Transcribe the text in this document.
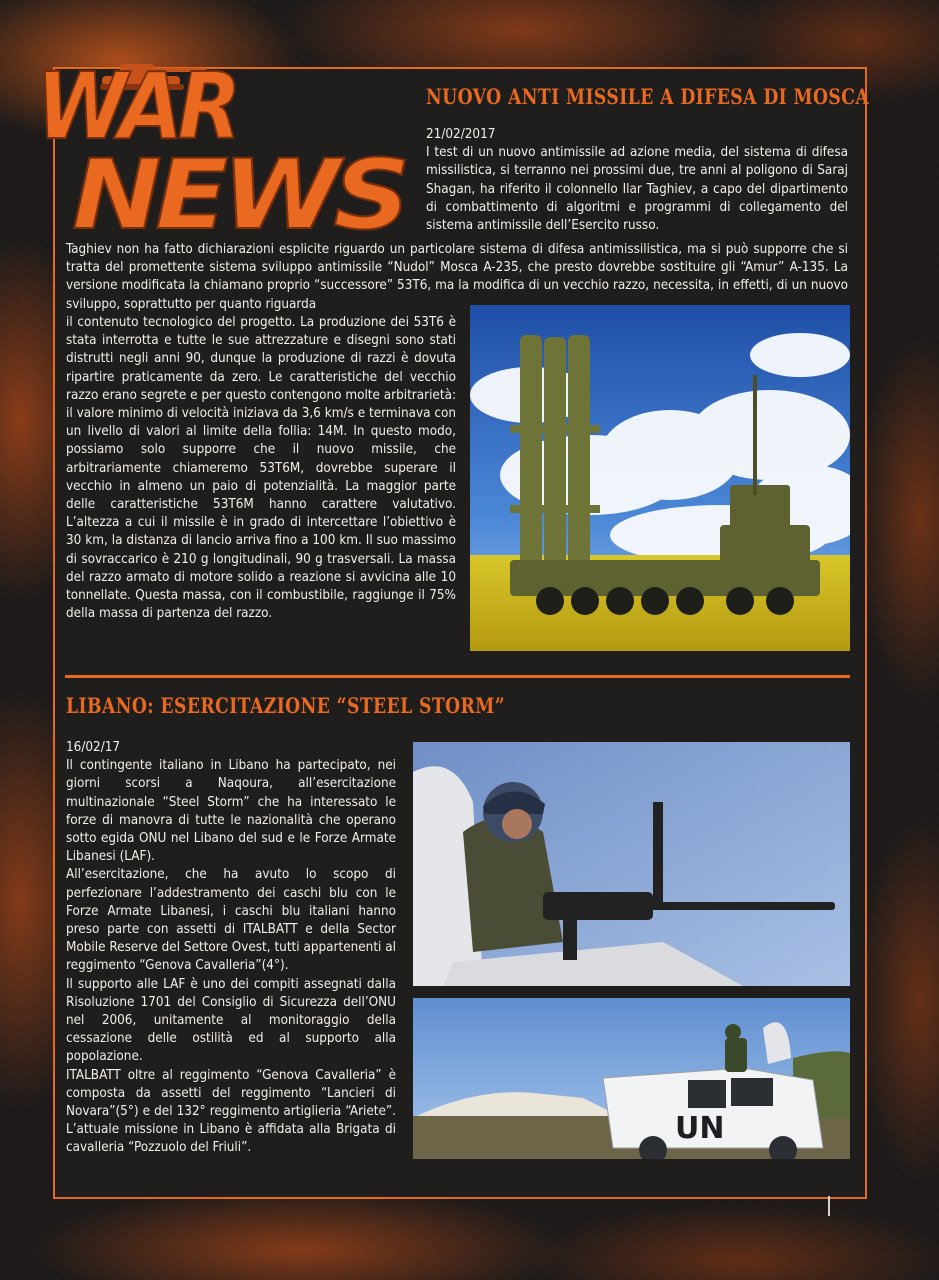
WAR
NEWS
NUOVO ANTI MISSILE A DIFESA DI MOSCA
21/02/2017

I test di un nuovo antimissile ad azione media, del sistema di difesa missilistica, si terranno nei prossimi due, tre anni al poligono di Saraj Shagan, ha riferito il colonnello Ilar Taghiev, a capo del dipartimento di combattimento di algoritmi e programmi di collegamento del sistema antimissile dell’Esercito russo.

Taghiev non ha fatto dichiarazioni esplicite riguardo un particolare sistema di difesa antimissilistica, ma si può supporre che si tratta del promettente sistema sviluppo antimissile “Nudol” Mosca A-235, che presto dovrebbe sostituire gli “Amur” A-135. La versione modificata la chiamano proprio “successore” 53T6, ma la modifica di un vecchio razzo, necessita, in effetti, di un nuovo sviluppo, soprattutto per quanto riguarda

il contenuto tecnologico del progetto. La produzione dei 53T6 è stata interrotta e tutte le sue attrezzature e disegni sono stati distrutti negli anni 90, dunque la produzione di razzi è dovuta ripartire praticamente da zero. Le caratteristiche del vecchio razzo erano segrete e per questo contengono molte arbitrarietà: il valore minimo di velocità iniziava da 3,6 km/s e terminava con un livello di valori al limite della follia: 14M. In questo modo, possiamo solo supporre che il nuovo missile, che arbitrariamente chiameremo 53T6M, dovrebbe superare il vecchio in almeno un paio di potenzialità. La maggior parte delle caratteristiche 53T6M hanno carattere valutativo. L’altezza a cui il missile è in grado di intercettare l’obiettivo è 30 km, la distanza di lancio arriva fino a 100 km. Il suo massimo di sovraccarico è 210 g longitudinali, 90 g trasversali. La massa del razzo armato di motore solido a reazione si avvicina alle 10 tonnellate. Questa massa, con il combustibile, raggiunge il 75% della massa di partenza del razzo.

LIBANO: ESERCITAZIONE “STEEL STORM”
16/02/17

Il contingente italiano in Libano ha partecipato, nei giorni scorsi a Naqoura, all’esercitazione multinazionale “Steel Storm” che ha interessato le forze di manovra di tutte le nazionalità che operano sotto egida ONU nel Libano del sud e le Forze Armate Libanesi (LAF).

All’esercitazione, che ha avuto lo scopo di perfezionare l’addestramento dei caschi blu con le Forze Armate Libanesi, i caschi blu italiani hanno preso parte con assetti di ITALBATT e della Sector Mobile Reserve del Settore Ovest, tutti appartenenti al reggimento “Genova Cavalleria”(4°).

Il supporto alle LAF è uno dei compiti assegnati dalla Risoluzione 1701 del Consiglio di Sicurezza dell’ONU nel 2006, unitamente al monitoraggio della cessazione delle ostilità ed al supporto alla popolazione.

ITALBATT oltre al reggimento “Genova Cavalleria” è composta da assetti del reggimento “Lancieri di Novara”(5°) e del 132° reggimento artiglieria “Ariete”. L’attuale missione in Libano è affidata alla Brigata di cavalleria “Pozzuolo del Friuli”.

UN
